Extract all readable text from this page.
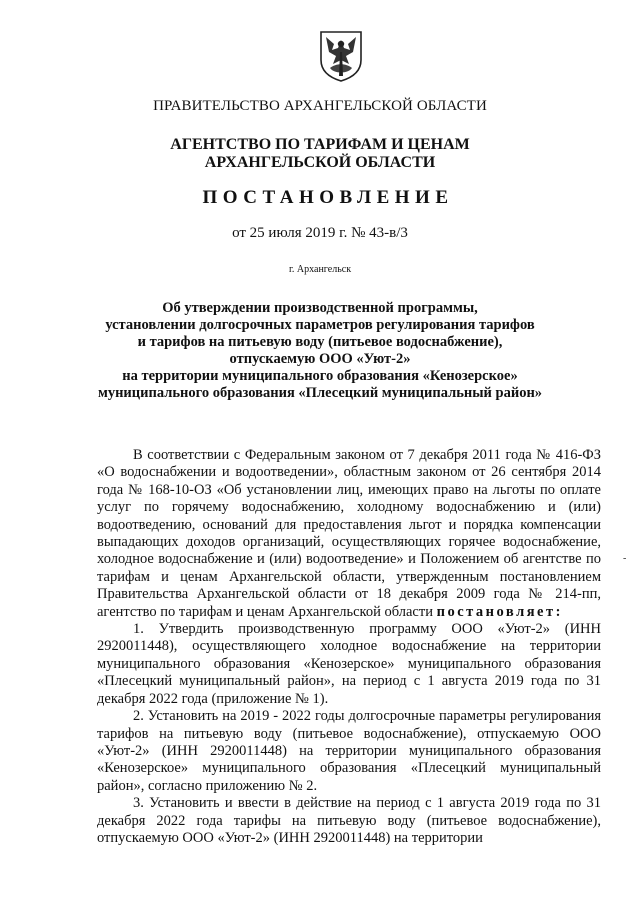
ПРАВИТЕЛЬСТВО АРХАНГЕЛЬСКОЙ ОБЛАСТИ
АГЕНТСТВО ПО ТАРИФАМ И ЦЕНАМ
АРХАНГЕЛЬСКОЙ ОБЛАСТИ
ПОСТАНОВЛЕНИЕ
от 25 июля 2019 г. № 43-в/3
г. Архангельск
Об утверждении производственной программы,
установлении долгосрочных параметров регулирования тарифов
и тарифов на питьевую воду (питьевое водоснабжение),
отпускаемую ООО «Уют-2»
на территории муниципального образования «Кенозерское»
муниципального образования «Плесецкий муниципальный район»

В соответствии с Федеральным законом от 7 декабря 2011 года № 416-ФЗ «О водоснабжении и водоотведении», областным законом от 26 сентября 2014 года № 168-10-ОЗ «Об установлении лиц, имеющих право на льготы по оплате услуг по горячему водоснабжению, холодному водоснабжению и (или) водоотведению, оснований для предоставления льгот и порядка компенсации выпадающих доходов организаций, осуществляющих горячее водоснабжение, холодное водоснабжение и (или) водоотведение» и Положением об агентстве по тарифам и ценам Архангельской области, утвержденным постановлением Правительства Архангельской области от 18 декабря 2009 года № 214-пп, агентство по тарифам и ценам Архангельской области постановляет:

1. Утвердить производственную программу ООО «Уют-2» (ИНН 2920011448), осуществляющего холодное водоснабжение на территории муниципального образования «Кенозерское» муниципального образования «Плесецкий муниципальный район», на период с 1 августа 2019 года по 31 декабря 2022 года (приложение № 1).

2. Установить на 2019 - 2022 годы долгосрочные параметры регулирования тарифов на питьевую воду (питьевое водоснабжение), отпускаемую ООО «Уют-2» (ИНН 2920011448) на территории муниципального образования «Кенозерское» муниципального образования «Плесецкий муниципальный район», согласно приложению № 2.

3. Установить и ввести в действие на период с 1 августа 2019 года по 31 декабря 2022 года тарифы на питьевую воду (питьевое водоснабжение), отпускаемую ООО «Уют-2» (ИНН 2920011448) на территории

-
